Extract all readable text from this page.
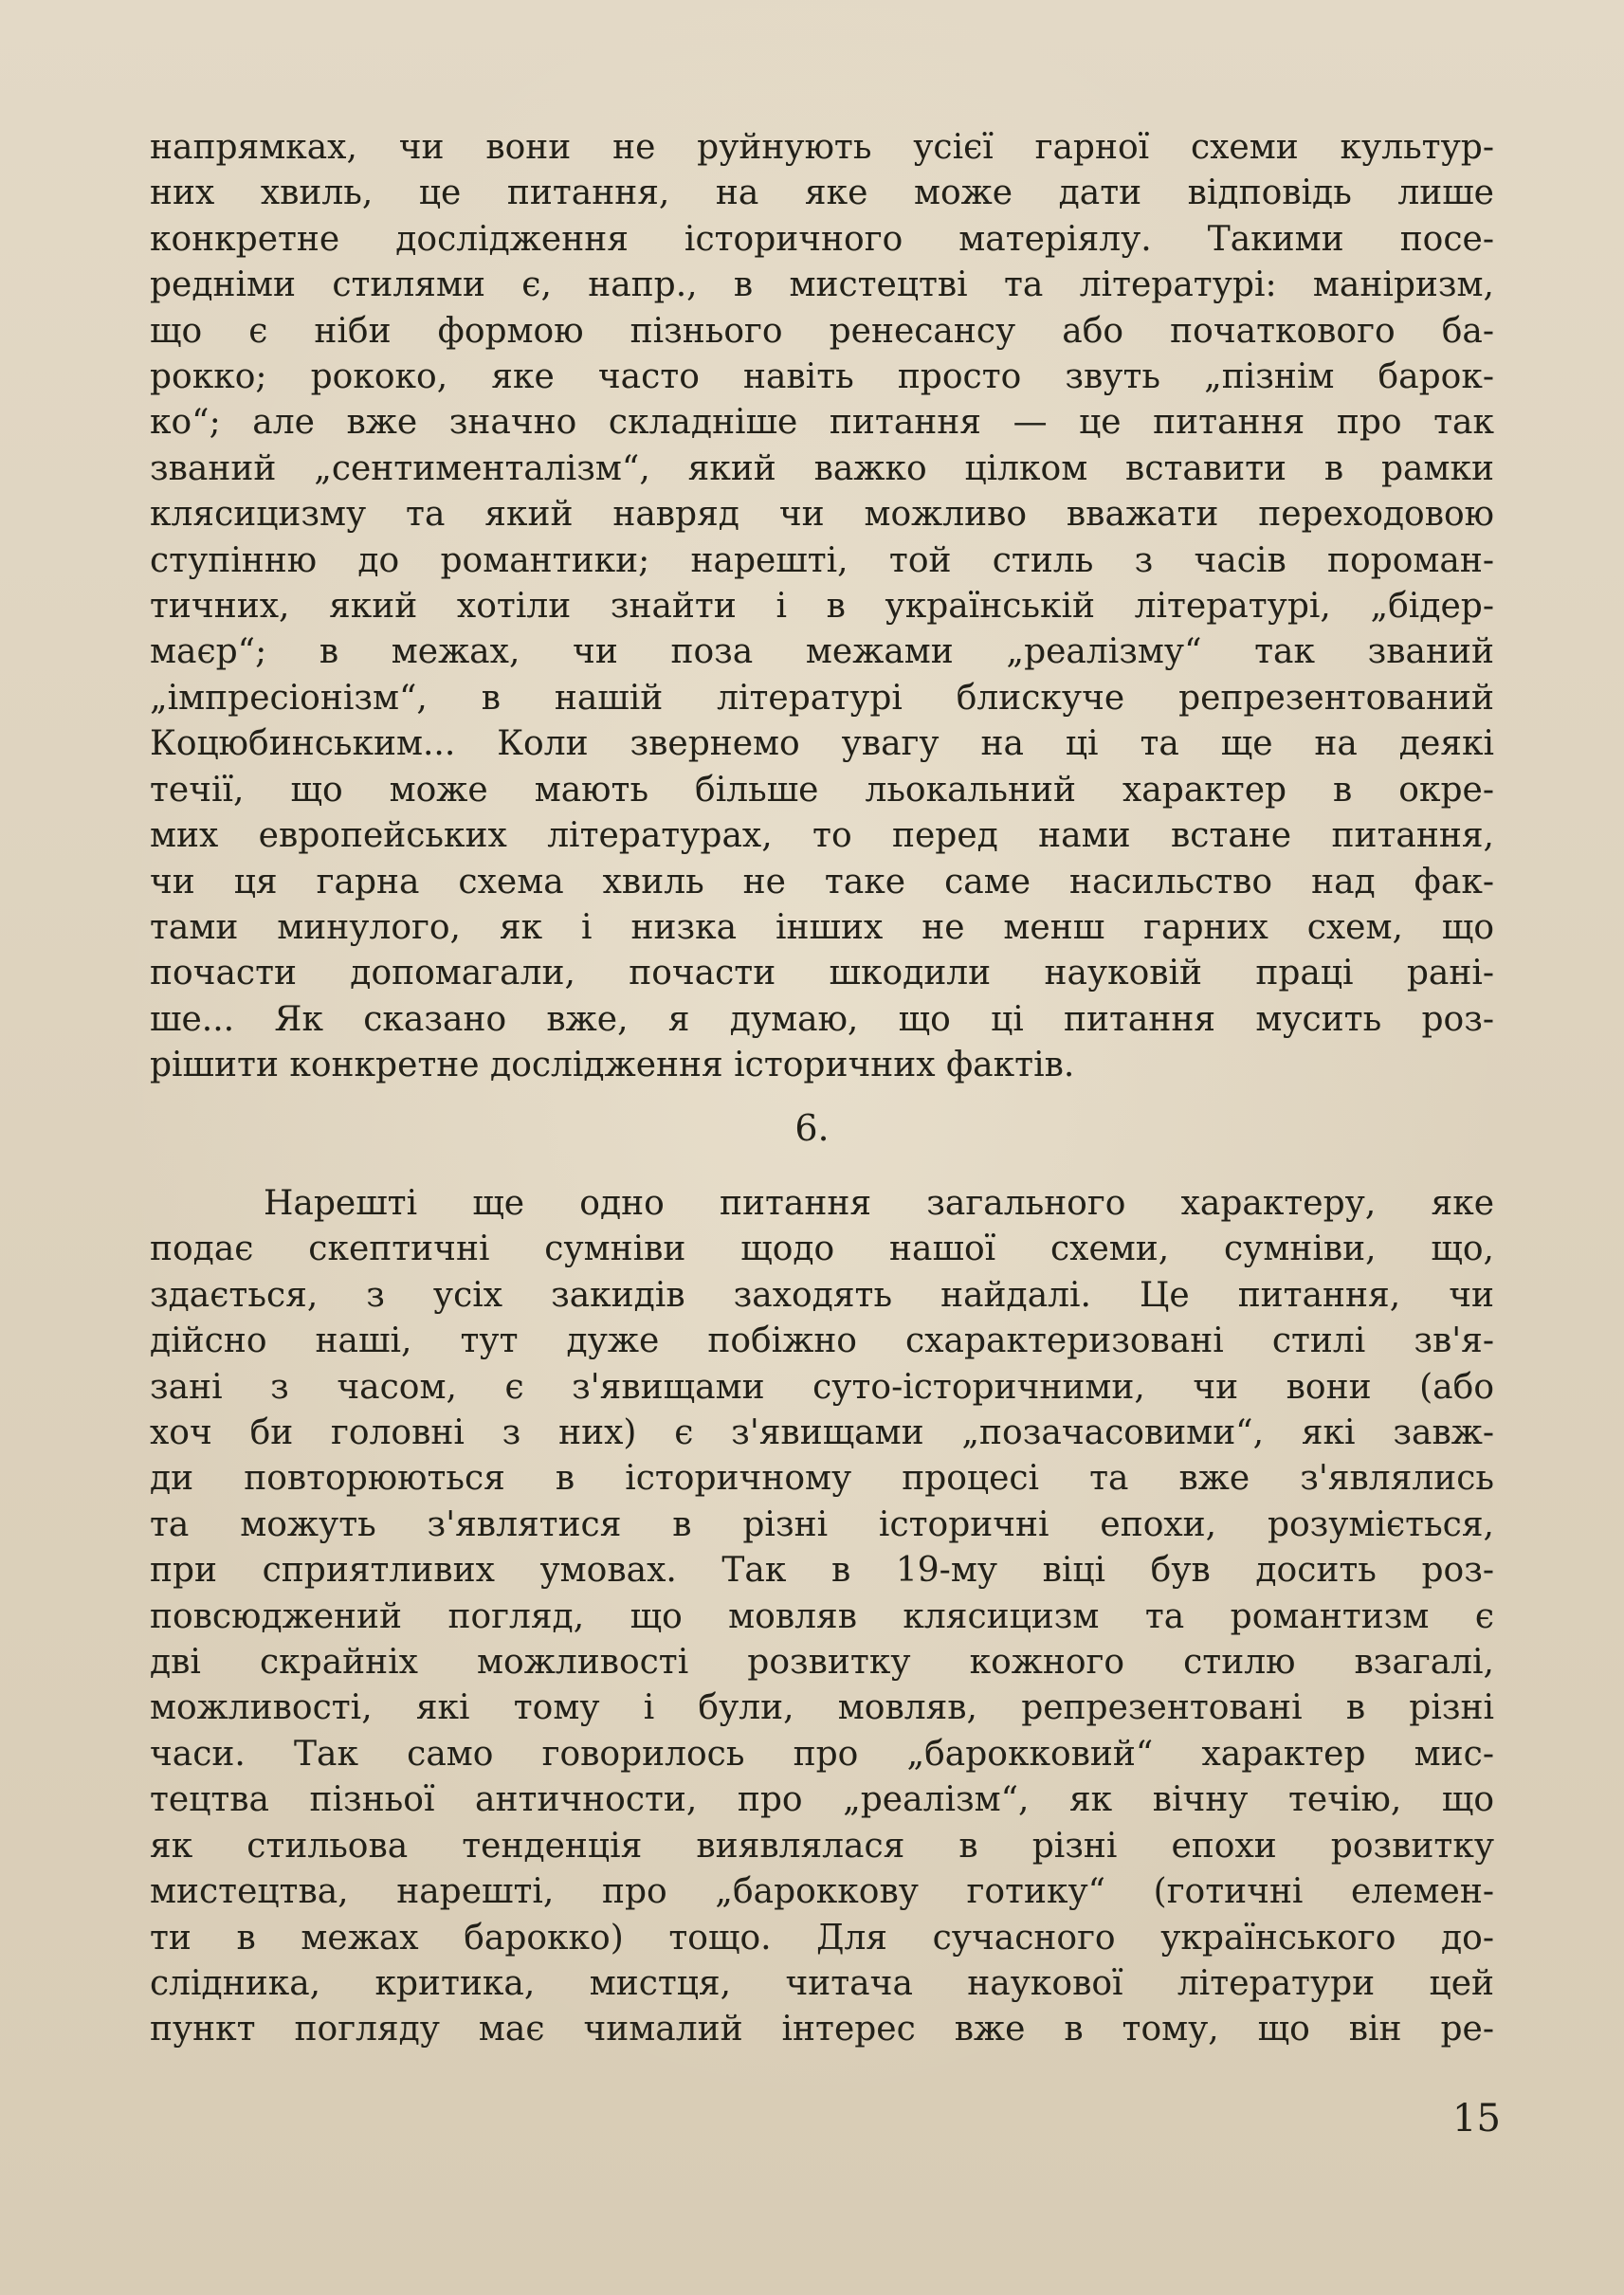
напрямках, чи вони не руйнують усієї гарної схеми культур-
них хвиль, це питання, на яке може дати відповідь лише
конкретне дослідження історичного матеріялу. Такими посе-
редніми стилями є, напр., в мистецтві та літературі: маніризм,
що є ніби формою пізнього ренесансу або початкового ба-
рокко; рококо, яке часто навіть просто звуть „пізнім барок-
ко“; але вже значно складніше питання — це питання про так
званий „сентименталізм“, який важко цілком вставити в рамки
клясицизму та який навряд чи можливо вважати переходовою
ступінню до романтики; нарешті, той стиль з часів пороман-
тичних, який хотіли знайти і в українській літературі, „бідер-
маєр“; в межах, чи поза межами „реалізму“ так званий
„імпресіонізм“, в нашій літературі блискуче репрезентований
Коцюбинським... Коли звернемо увагу на ці та ще на деякі
течії, що може мають більше льокальний характер в окре-
мих европейських літературах, то перед нами встане питання,
чи ця гарна схема хвиль не таке саме насильство над фак-
тами минулого, як і низка інших не менш гарних схем, що
почасти допомагали, почасти шкодили науковій праці рані-
ше... Як сказано вже, я думаю, що ці питання мусить роз-
рішити конкретне дослідження історичних фактів.
6.
Нарешті ще одно питання загального характеру, яке
подає скептичні сумніви щодо нашої схеми, сумніви, що,
здається, з усіх закидів заходять найдалі. Це питання, чи
дійсно наші, тут дуже побіжно схарактеризовані стилі зв'я-
зані з часом, є з'явищами суто-історичними, чи вони (або
хоч би головні з них) є з'явищами „позачасовими“, які завж-
ди повторюються в історичному процесі та вже з'являлись
та можуть з'являтися в різні історичні епохи, розуміється,
при сприятливих умовах. Так в 19-му віці був досить роз-
повсюджений погляд, що мовляв клясицизм та романтизм є
дві скрайніх можливості розвитку кожного стилю взагалі,
можливості, які тому і були, мовляв, репрезентовані в різні
часи. Так само говорилось про „барокковий“ характер мис-
тецтва пізньої античности, про „реалізм“, як вічну течію, що
як стильова тенденція виявлялася в різні епохи розвитку
мистецтва, нарешті, про „бароккову готику“ (готичні елемен-
ти в межах барокко) тощо. Для сучасного українського до-
слідника, критика, мистця, читача наукової літератури цей
пункт погляду має чималий інтерес вже в тому, що він ре-
15
